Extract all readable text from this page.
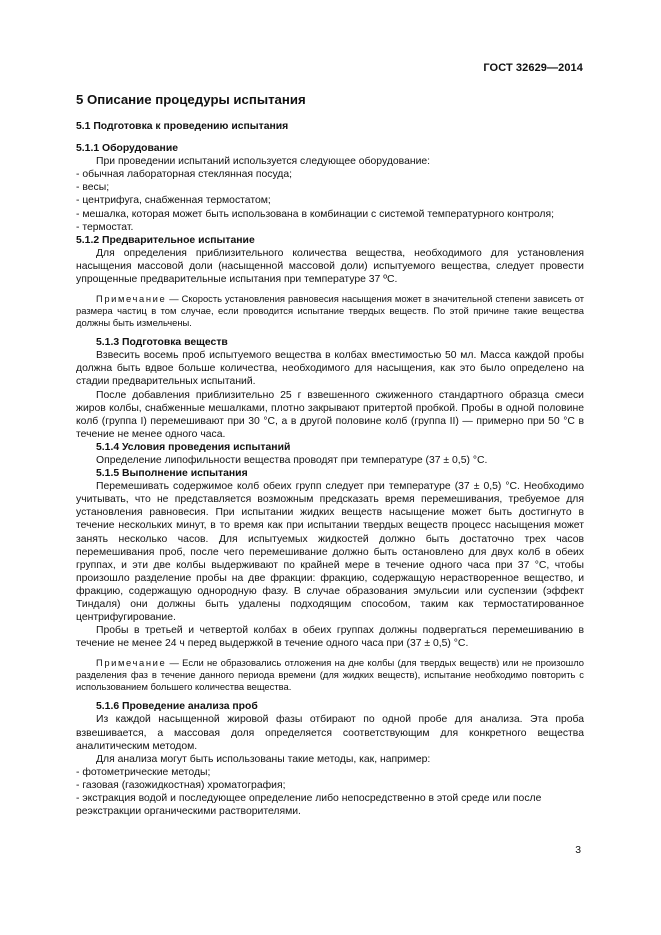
ГОСТ 32629—2014
5 Описание процедуры испытания
5.1 Подготовка к проведению испытания
5.1.1 Оборудование

При проведении испытаний используется следующее оборудование:

- обычная лабораторная стеклянная посуда;
- весы;
- центрифуга, снабженная термостатом;
- мешалка, которая может быть использована в комбинации с системой температурного контроля;
- термостат.
5.1.2 Предварительное испытание

Для определения приблизительного количества вещества, необходимого для установления насыщения массовой доли (насыщенной массовой доли) испытуемого вещества, следует провести упрощенные предварительные испытания при температуре 37 ºC.

Примечание — Скорость установления равновесия насыщения может в значительной степени зависеть от размера частиц в том случае, если проводится испытание твердых веществ. По этой причине такие вещества должны быть измельчены.

5.1.3 Подготовка веществ

Взвесить восемь проб испытуемого вещества в колбах вместимостью 50 мл. Масса каждой пробы должна быть вдвое больше количества, необходимого для насыщения, как это было определено на стадии предварительных испытаний.

После добавления приблизительно 25 г взвешенного сжиженного стандартного образца смеси жиров колбы, снабженные мешалками, плотно закрывают притертой пробкой. Пробы в одной половине колб (группа I) перемешивают при 30 °C, а в другой половине колб (группа II) — примерно при 50 °C в течение не менее одного часа.

5.1.4 Условия проведения испытаний

Определение липофильности вещества проводят при температуре (37 ± 0,5) °C.

5.1.5 Выполнение испытания

Перемешивать содержимое колб обеих групп следует при температуре (37 ± 0,5) °C. Необходимо учитывать, что не представляется возможным предсказать время перемешивания, требуемое для установления равновесия. При испытании жидких веществ насыщение может быть достигнуто в течение нескольких минут, в то время как при испытании твердых веществ процесс насыщения может занять несколько часов. Для испытуемых жидкостей должно быть достаточно трех часов перемешивания проб, после чего перемешивание должно быть остановлено для двух колб в обеих группах, и эти две колбы выдерживают по крайней мере в течение одного часа при 37 °C, чтобы произошло разделение пробы на две фракции: фракцию, содержащую нерастворенное вещество, и фракцию, содержащую однородную фазу. В случае образования эмульсии или суспензии (эффект Тиндаля) они должны быть удалены подходящим способом, таким как термостатированное центрифугирование.

Пробы в третьей и четвертой колбах в обеих группах должны подвергаться перемешиванию в течение не менее 24 ч перед выдержкой в течение одного часа при (37 ± 0,5) °C.

Примечание — Если не образовались отложения на дне колбы (для твердых веществ) или не произошло разделения фаз в течение данного периода времени (для жидких веществ), испытание необходимо повторить с использованием большего количества вещества.

5.1.6 Проведение анализа проб

Из каждой насыщенной жировой фазы отбирают по одной пробе для анализа. Эта проба взвешивается, а массовая доля определяется соответствующим для конкретного вещества аналитическим методом.

Для анализа могут быть использованы такие методы, как, например:

- фотометрические методы;
- газовая (газожидкостная) хроматография;
- экстракция водой и последующее определение либо непосредственно в этой среде или после реэкстракции органическими растворителями.
3
